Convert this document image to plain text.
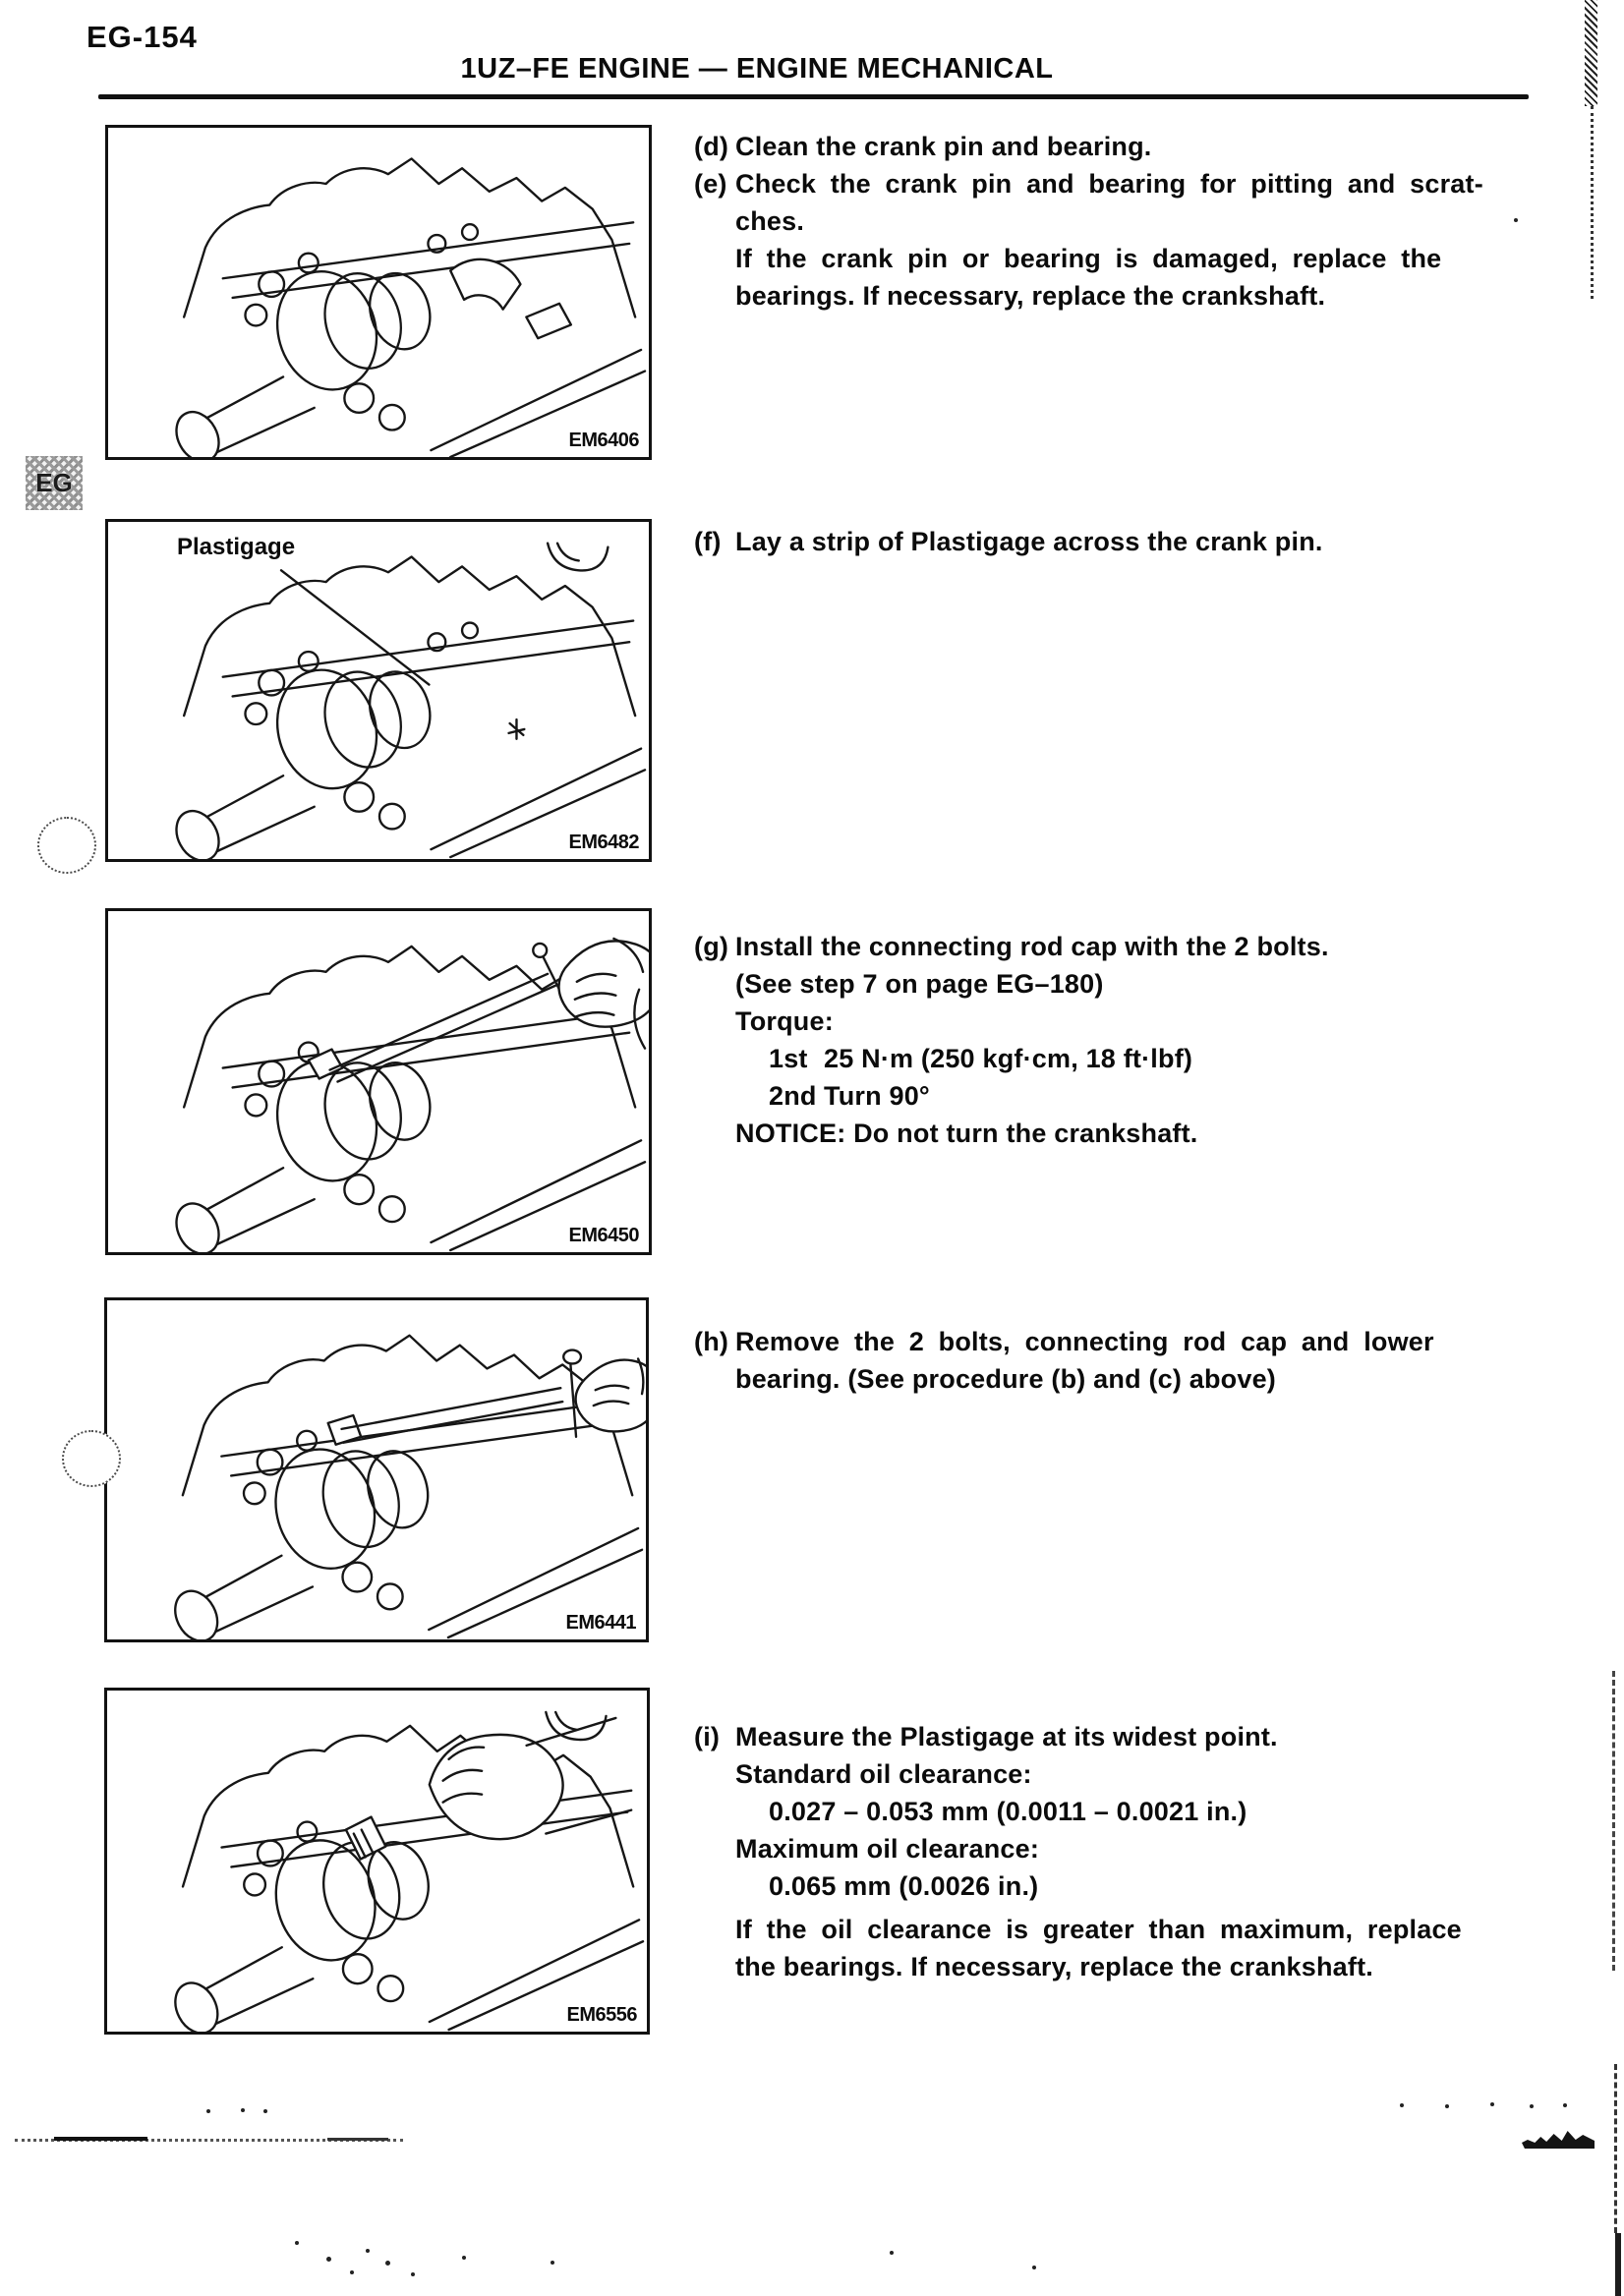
EG-154
1UZ–FE ENGINE — ENGINE MECHANICAL
EG
EM6406
Plastigage
EM6482
EM6450
EM6441
EM6556
(d) Clean the crank pin and bearing.
(e) Check the crank pin and bearing for pitting and scrat-
ches.
If the crank pin or bearing is damaged, replace the
bearings. If necessary, replace the crankshaft.
(f) Lay a strip of Plastigage across the crank pin.
(g) Install the connecting rod cap with the 2 bolts.
(See step 7 on page EG–180)
Torque:
1st 25 N·m (250 kgf·cm, 18 ft·lbf)
2nd Turn 90°
NOTICE: Do not turn the crankshaft.
(h) Remove the 2 bolts, connecting rod cap and lower
bearing. (See procedure (b) and (c) above)
(i) Measure the Plastigage at its widest point.
Standard oil clearance:
0.027 – 0.053 mm (0.0011 – 0.0021 in.)
Maximum oil clearance:
0.065 mm (0.0026 in.)
If the oil clearance is greater than maximum, replace
the bearings. If necessary, replace the crankshaft.
